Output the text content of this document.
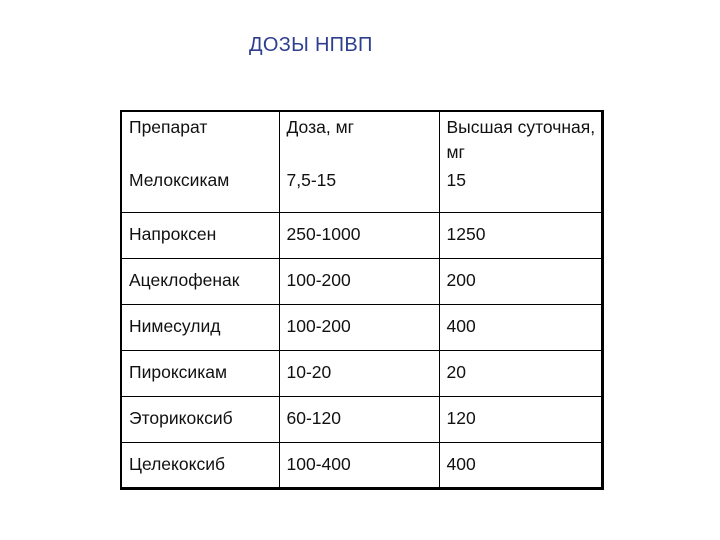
ДОЗЫ НПВП
Препарат	Доза, мг	Высшая суточная, мг
Мелоксикам	7,5-15	15
Напроксен	250-1000	1250
Ацеклофенак	100-200	200
Нимесулид	100-200	400
Пироксикам	10-20	20
Эторикоксиб	60-120	120
Целекоксиб	100-400	400
